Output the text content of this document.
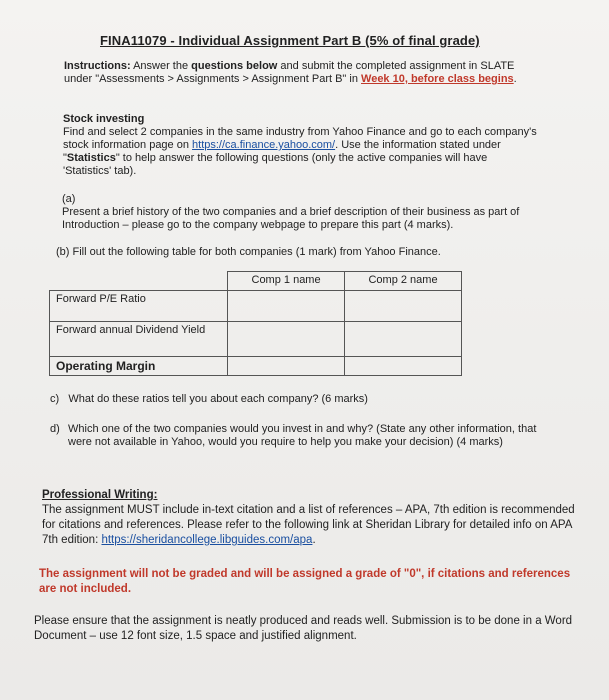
FINA11079 - Individual Assignment Part B (5% of final grade)
Instructions: Answer the questions below and submit the completed assignment in SLATE under "Assessments > Assignments > Assignment Part B" in Week 10, before class begins.
Stock investing
Find and select 2 companies in the same industry from Yahoo Finance and go to each company's stock information page on https://ca.finance.yahoo.com/. Use the information stated under "Statistics" to help answer the following questions (only the active companies will have 'Statistics' tab).
(a) Present a brief history of the two companies and a brief description of their business as part of Introduction – please go to the company webpage to prepare this part (4 marks).
(b) Fill out the following table for both companies (1 mark) from Yahoo Finance.
	Comp 1 name	Comp 2 name
Forward P/E Ratio		
Forward annual Dividend Yield		
Operating Margin		
c) What do these ratios tell you about each company? (6 marks)
d) Which one of the two companies would you invest in and why? (State any other information, that were not available in Yahoo, would you require to help you make your decision) (4 marks)
Professional Writing:
The assignment MUST include in-text citation and a list of references – APA, 7th edition is recommended for citations and references. Please refer to the following link at Sheridan Library for detailed info on APA 7th edition: https://sheridancollege.libguides.com/apa.
The assignment will not be graded and will be assigned a grade of "0", if citations and references are not included.
Please ensure that the assignment is neatly produced and reads well. Submission is to be done in a Word Document – use 12 font size, 1.5 space and justified alignment.
